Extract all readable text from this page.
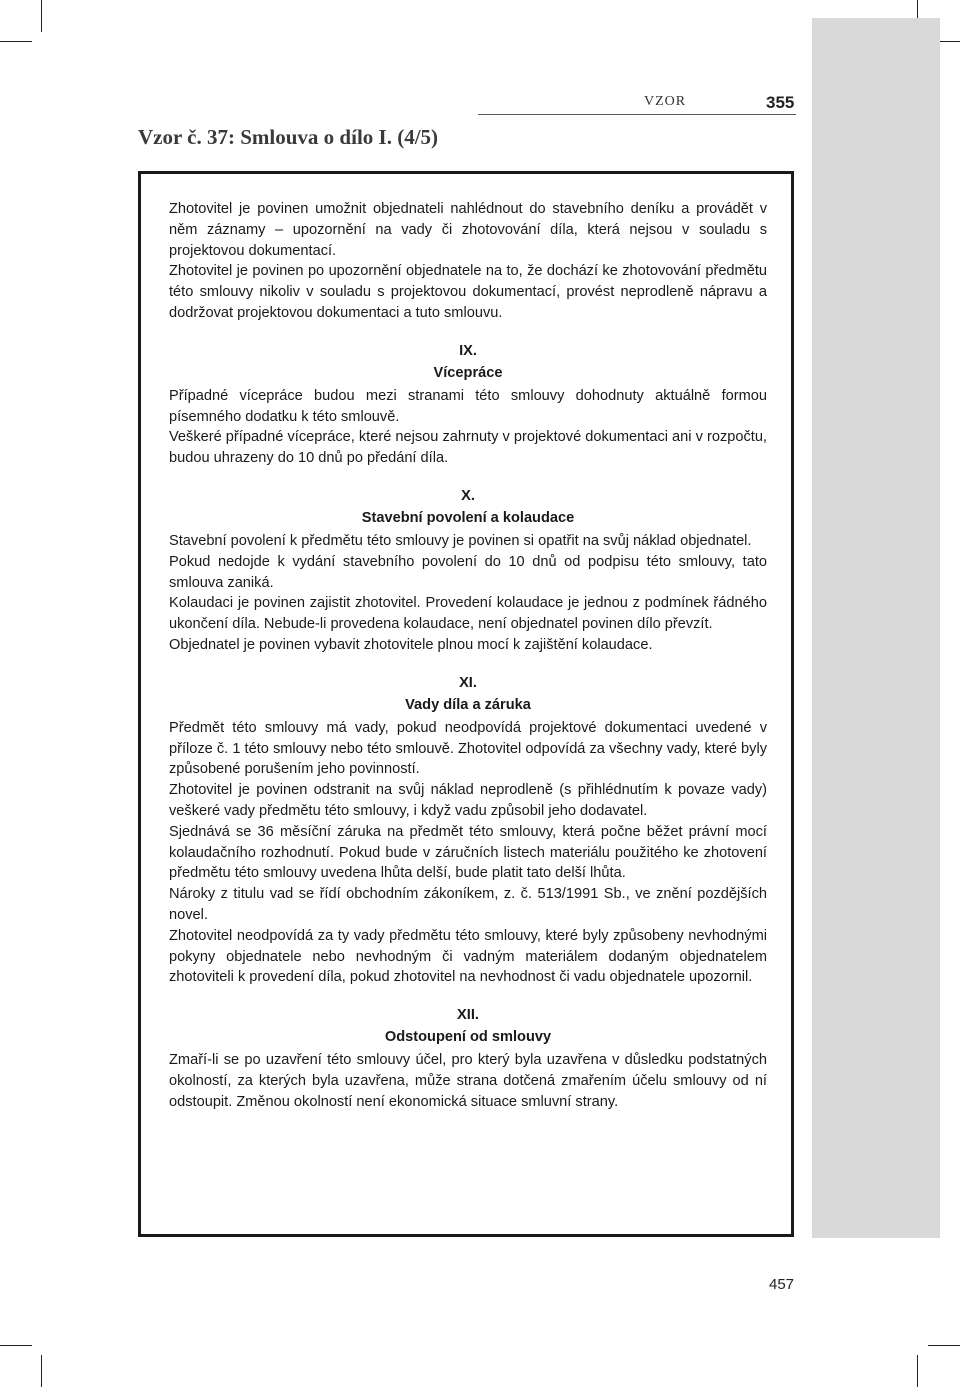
VZOR	355
Vzor č. 37: Smlouva o dílo I. (4/5)

Zhotovitel je povinen umožnit objednateli nahlédnout do stavebního deníku a provádět v něm záznamy – upozornění na vady či zhotovování díla, která nejsou v souladu s projektovou dokumentací.

Zhotovitel je povinen po upozornění objednatele na to, že dochází ke zhotovování předmětu této smlouvy nikoliv v souladu s projektovou dokumentací, provést neprodleně nápravu a dodržovat projektovou dokumentaci a tuto smlouvu.

IX.

Vícepráce

Případné vícepráce budou mezi stranami této smlouvy dohodnuty aktuálně formou písemného dodatku k této smlouvě.

Veškeré případné vícepráce, které nejsou zahrnuty v projektové dokumentaci ani v rozpočtu, budou uhrazeny do 10 dnů po předání díla.

X.

Stavební povolení a kolaudace

Stavební povolení k předmětu této smlouvy je povinen si opatřit na svůj náklad objednatel.

Pokud nedojde k vydání stavebního povolení do 10 dnů od podpisu této smlouvy, tato smlouva zaniká.

Kolaudaci je povinen zajistit zhotovitel. Provedení kolaudace je jednou z podmínek řádného ukončení díla. Nebude-li provedena kolaudace, není objednatel povinen dílo převzít.

Objednatel je povinen vybavit zhotovitele plnou mocí k zajištění kolaudace.

XI.

Vady díla a záruka

Předmět této smlouvy má vady, pokud neodpovídá projektové dokumentaci uvedené v příloze č. 1 této smlouvy nebo této smlouvě. Zhotovitel odpovídá za všechny vady, které byly způsobené porušením jeho povinností.

Zhotovitel je povinen odstranit na svůj náklad neprodleně (s přihlédnutím k povaze vady) veškeré vady předmětu této smlouvy, i když vadu způsobil jeho dodavatel.

Sjednává se 36 měsíční záruka na předmět této smlouvy, která počne běžet právní mocí kolaudačního rozhodnutí. Pokud bude v záručních listech materiálu použitého ke zhotovení předmětu této smlouvy uvedena lhůta delší, bude platit tato delší lhůta.

Nároky z titulu vad se řídí obchodním zákoníkem, z. č. 513/1991 Sb., ve znění pozdějších novel.

Zhotovitel neodpovídá za ty vady předmětu této smlouvy, které byly způsobeny nevhodnými pokyny objednatele nebo nevhodným či vadným materiálem dodaným objednatelem zhotoviteli k provedení díla, pokud zhotovitel na nevhodnost či vadu objednatele upozornil.

XII.

Odstoupení od smlouvy

Zmaří-li se po uzavření této smlouvy účel, pro který byla uzavřena v důsledku podstatných okolností, za kterých byla uzavřena, může strana dotčená zmařením účelu smlouvy od ní odstoupit. Změnou okolností není ekonomická situace smluvní strany.

457
